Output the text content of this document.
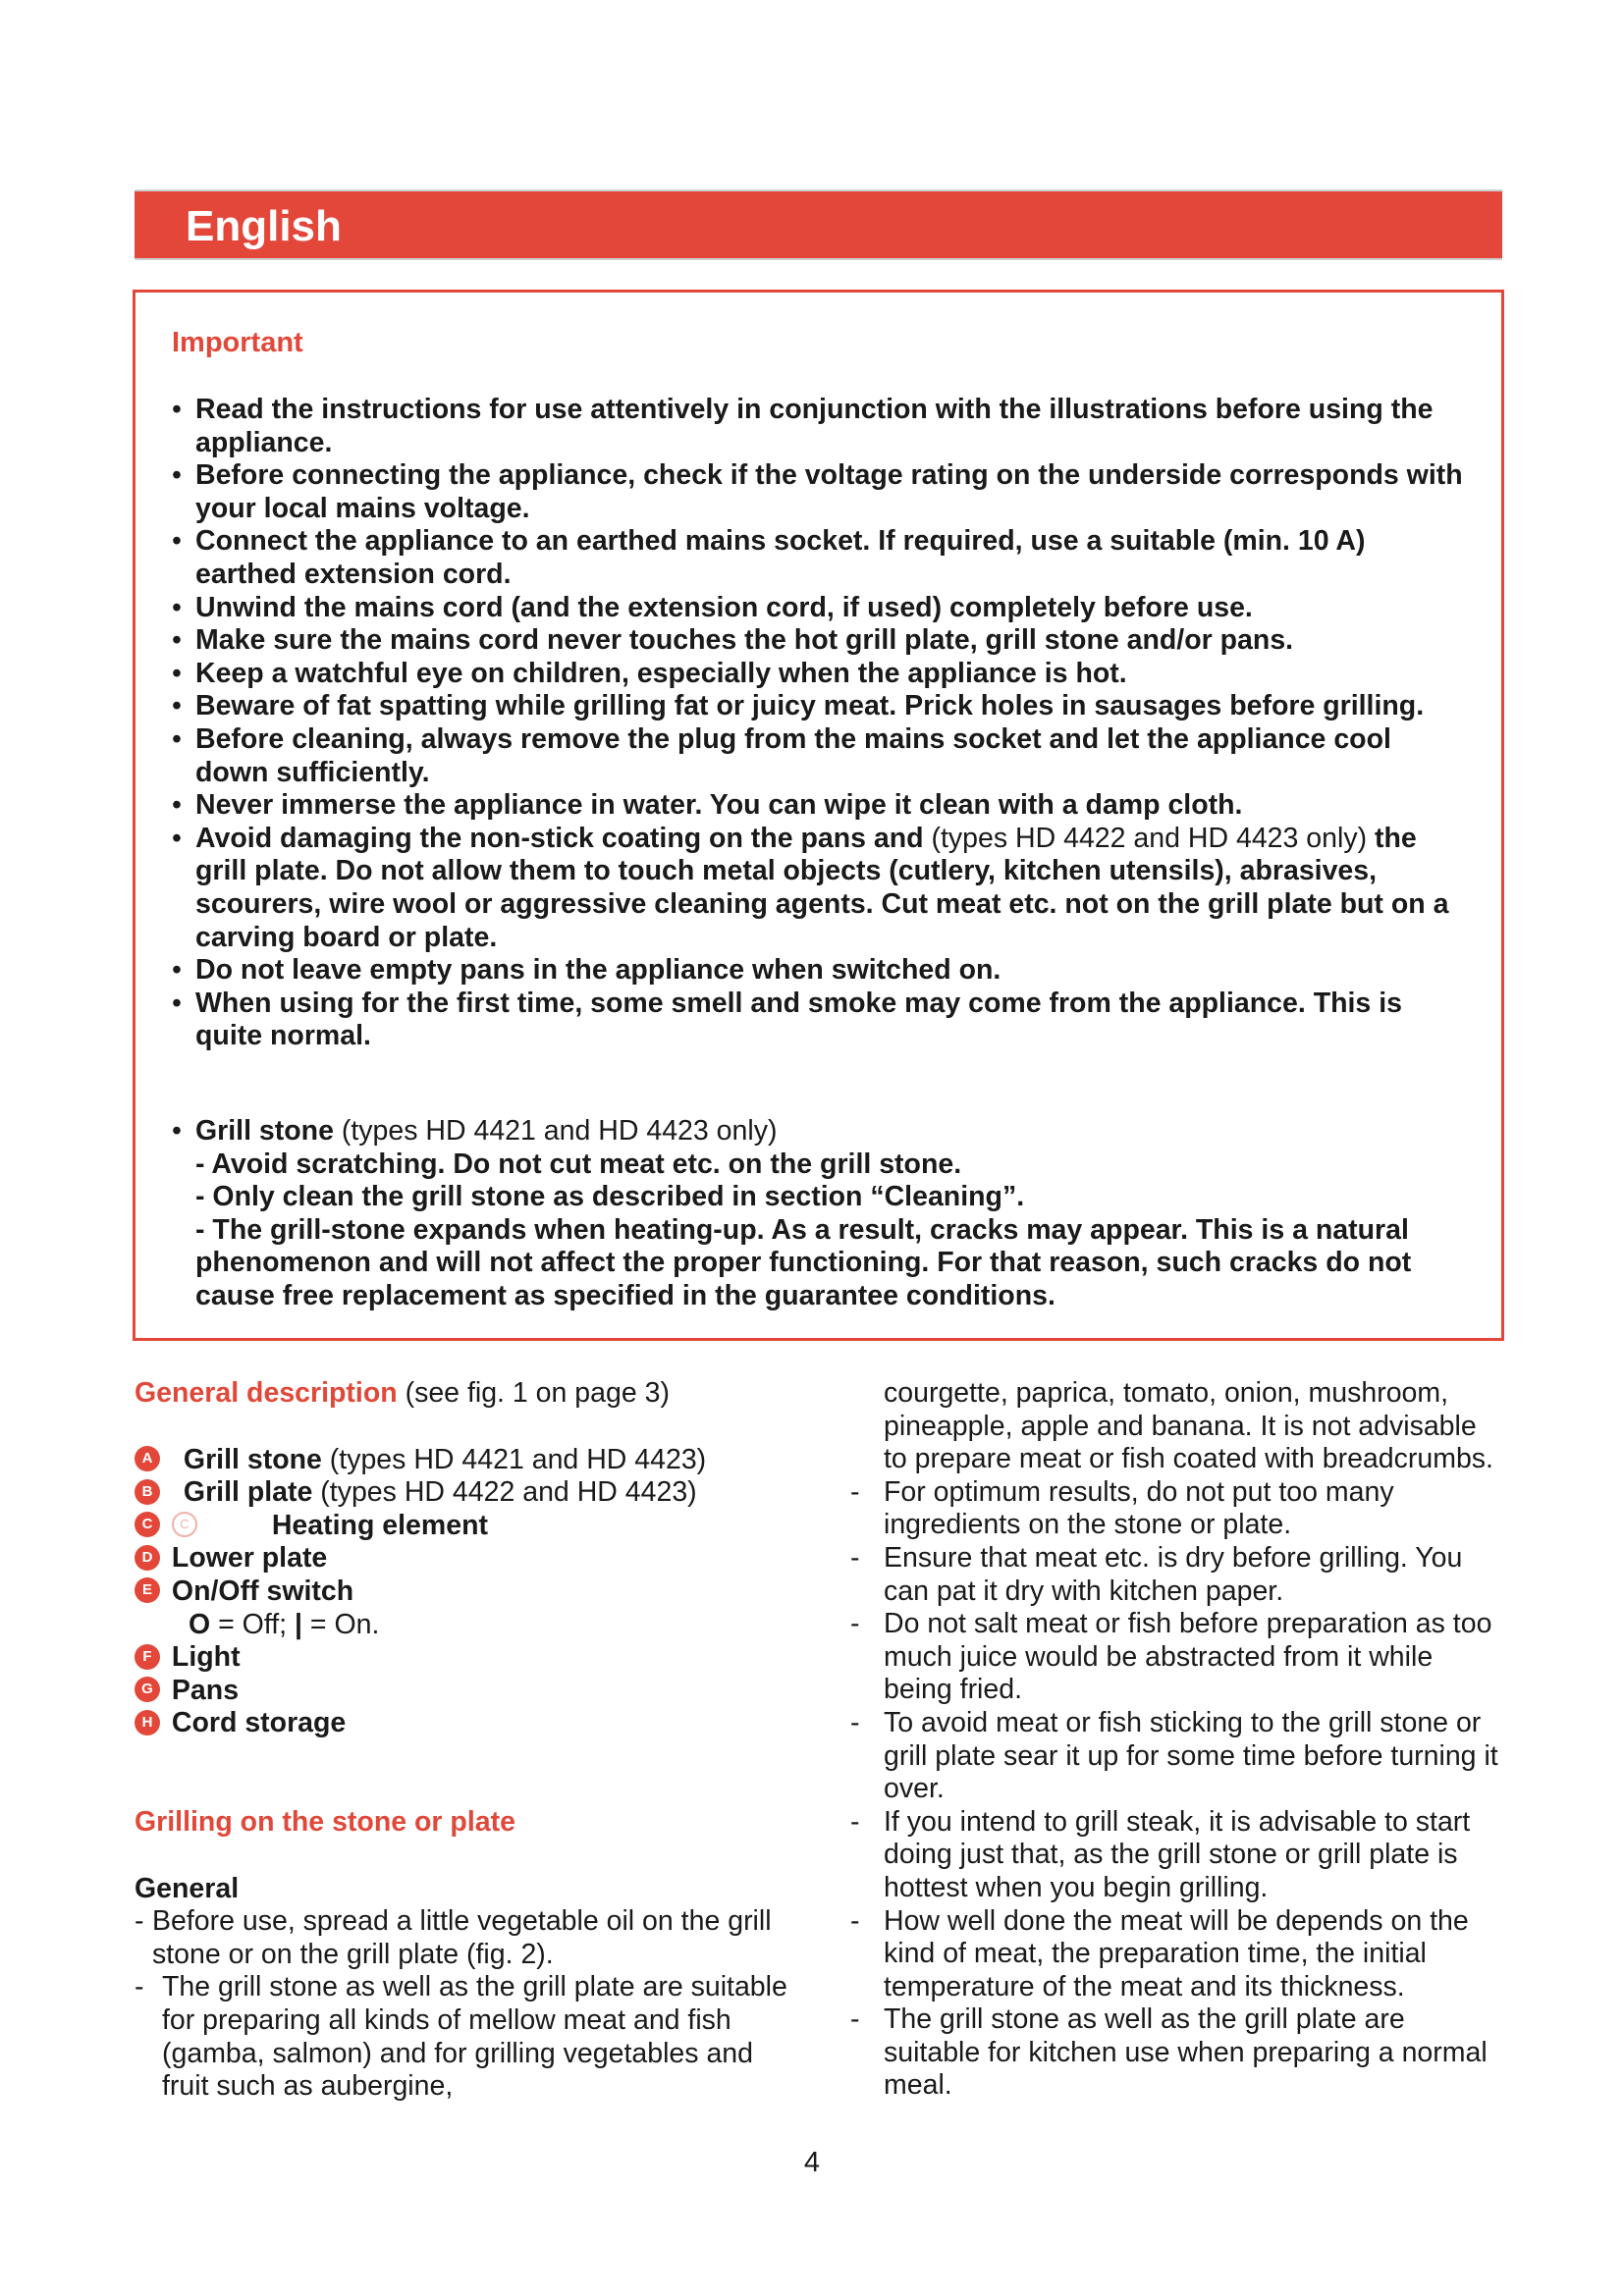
English
Important
• Read the instructions for use attentively in conjunction with the illustrations before using the appliance.
• Before connecting the appliance, check if the voltage rating on the underside corresponds with your local mains voltage.
• Connect the appliance to an earthed mains socket. If required, use a suitable (min. 10 A) earthed extension cord.
• Unwind the mains cord (and the extension cord, if used) completely before use.
• Make sure the mains cord never touches the hot grill plate, grill stone and/or pans.
• Keep a watchful eye on children, especially when the appliance is hot.
• Beware of fat spatting while grilling fat or juicy meat. Prick holes in sausages before grilling.
• Before cleaning, always remove the plug from the mains socket and let the appliance cool down sufficiently.
• Never immerse the appliance in water. You can wipe it clean with a damp cloth.
• Avoid damaging the non-stick coating on the pans and (types HD 4422 and HD 4423 only) the grill plate. Do not allow them to touch metal objects (cutlery, kitchen utensils), abrasives, scourers, wire wool or aggressive cleaning agents. Cut meat etc. not on the grill plate but on a carving board or plate.
• Do not leave empty pans in the appliance when switched on.
• When using for the first time, some smell and smoke may come from the appliance. This is quite normal.
• Grill stone (types HD 4421 and HD 4423 only)
- Avoid scratching. Do not cut meat etc. on the grill stone.
- Only clean the grill stone as described in section “Cleaning”.
- The grill-stone expands when heating-up. As a result, cracks may appear. This is a natural phenomenon and will not affect the proper functioning. For that reason, such cracks do not cause free replacement as specified in the guarantee conditions.
General description (see fig. 1 on page 3)
A Grill stone (types HD 4421 and HD 4423)
B Grill plate (types HD 4422 and HD 4423)
C C	Heating element
D Lower plate
E On/Off switch
O = Off; | = On.
F Light
G Pans
H Cord storage
Grilling on the stone or plate
General
- Before use, spread a little vegetable oil on the grill stone or on the grill plate (fig. 2).
- The grill stone as well as the grill plate are suitable for preparing all kinds of mellow meat and fish (gamba, salmon) and for grilling vegetables and fruit such as aubergine,
courgette, paprica, tomato, onion, mushroom, pineapple, apple and banana. It is not advisable to prepare meat or fish coated with breadcrumbs.
- For optimum results, do not put too many ingredients on the stone or plate.
- Ensure that meat etc. is dry before grilling. You can pat it dry with kitchen paper.
- Do not salt meat or fish before preparation as too much juice would be abstracted from it while being fried.
- To avoid meat or fish sticking to the grill stone or grill plate sear it up for some time before turning it over.
- If you intend to grill steak, it is advisable to start doing just that, as the grill stone or grill plate is hottest when you begin grilling.
- How well done the meat will be depends on the kind of meat, the preparation time, the initial temperature of the meat and its thickness.
- The grill stone as well as the grill plate are suitable for kitchen use when preparing a normal meal.
4
